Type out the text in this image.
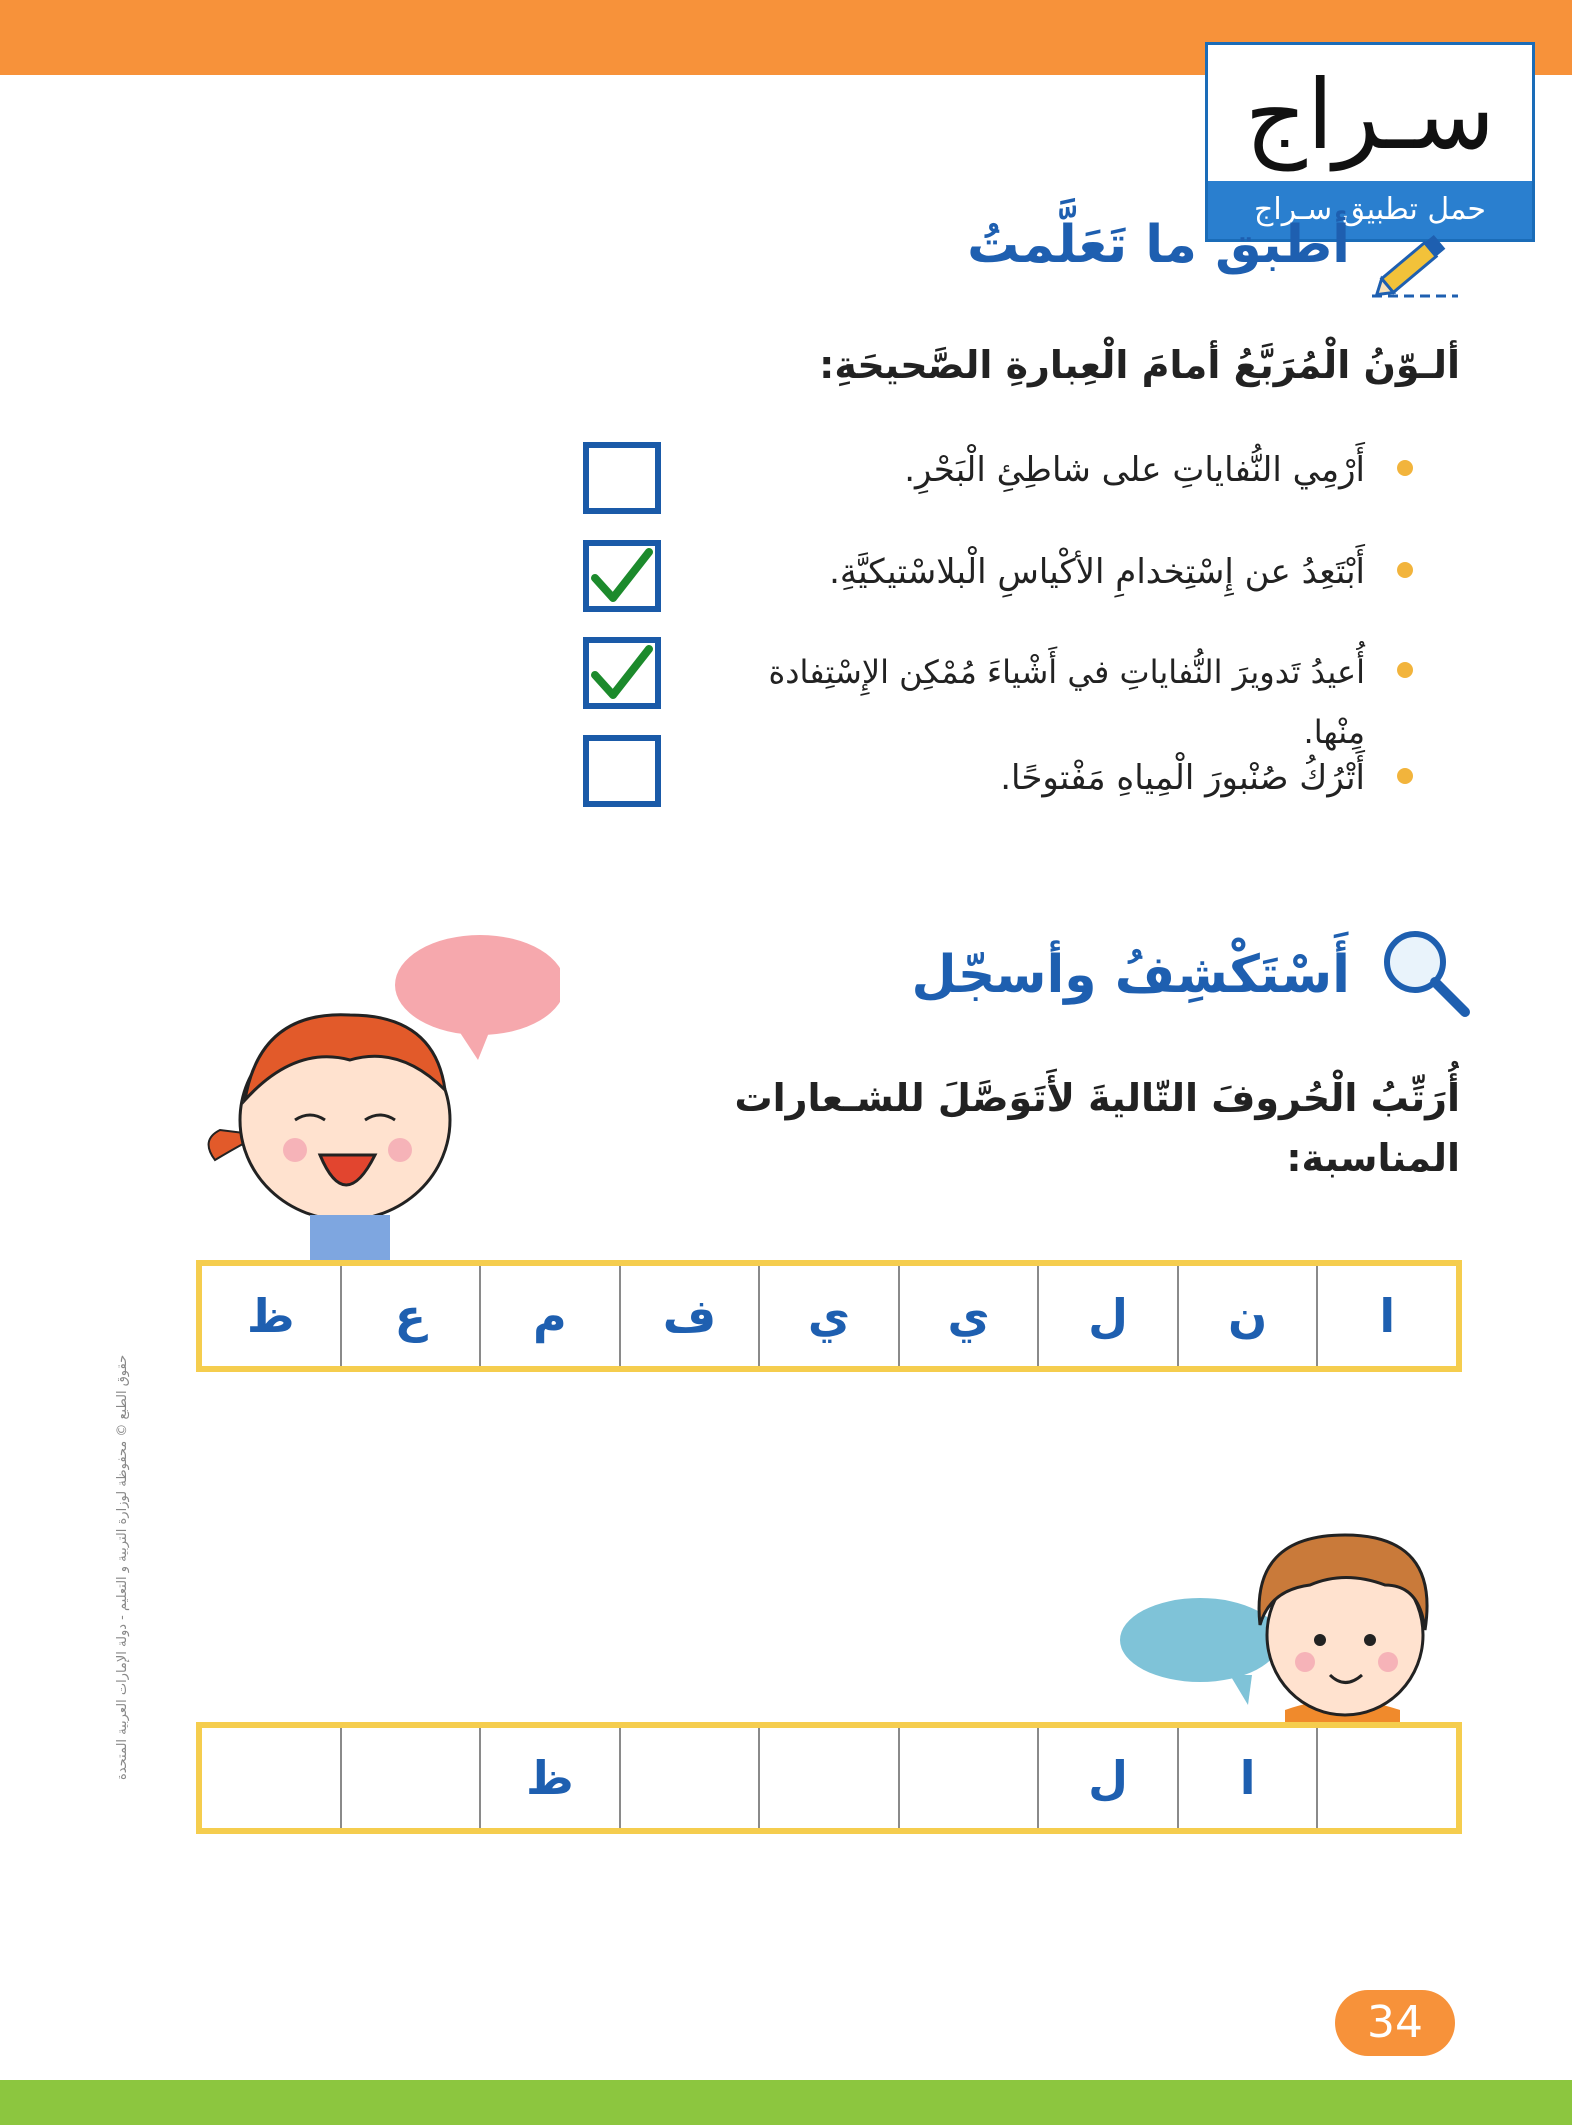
سـراج
حمل تطبيق سـراج
أطبق ما تَعَلَّمتُ
ألـوّنُ الْمُرَبَّعُ أمامَ الْعِبارةِ الصَّحيحَةِ:
أَرْمِي النُّفاياتِ على شاطِئِ الْبَحْرِ.
أَبْتَعِدُ عن إِسْتِخدامِ الأكْياسِ الْبلاسْتيكيَّةِ.
أُعيدُ تَدويرَ النُّفاياتِ في أَشْياءَ مُمْكِن الإِسْتِفادة مِنْها.
أَتْرُكُ صُنْبورَ الْمِياهِ مَفْتوحًا.
أَسْتَكْشِفُ وأسجّل
أُرَتِّبُ الْحُروفَ التّاليةَ لأَتَوَصَّلَ للشـعارات المناسبة:
ا
ن
ل
ي
ي
ف
م
ع
ظ
ا
ل
ظ
حقوق الطبع © محفوظة لوزارة التربية و التعليم - دولة الإمارات العربية المتحدة
34
